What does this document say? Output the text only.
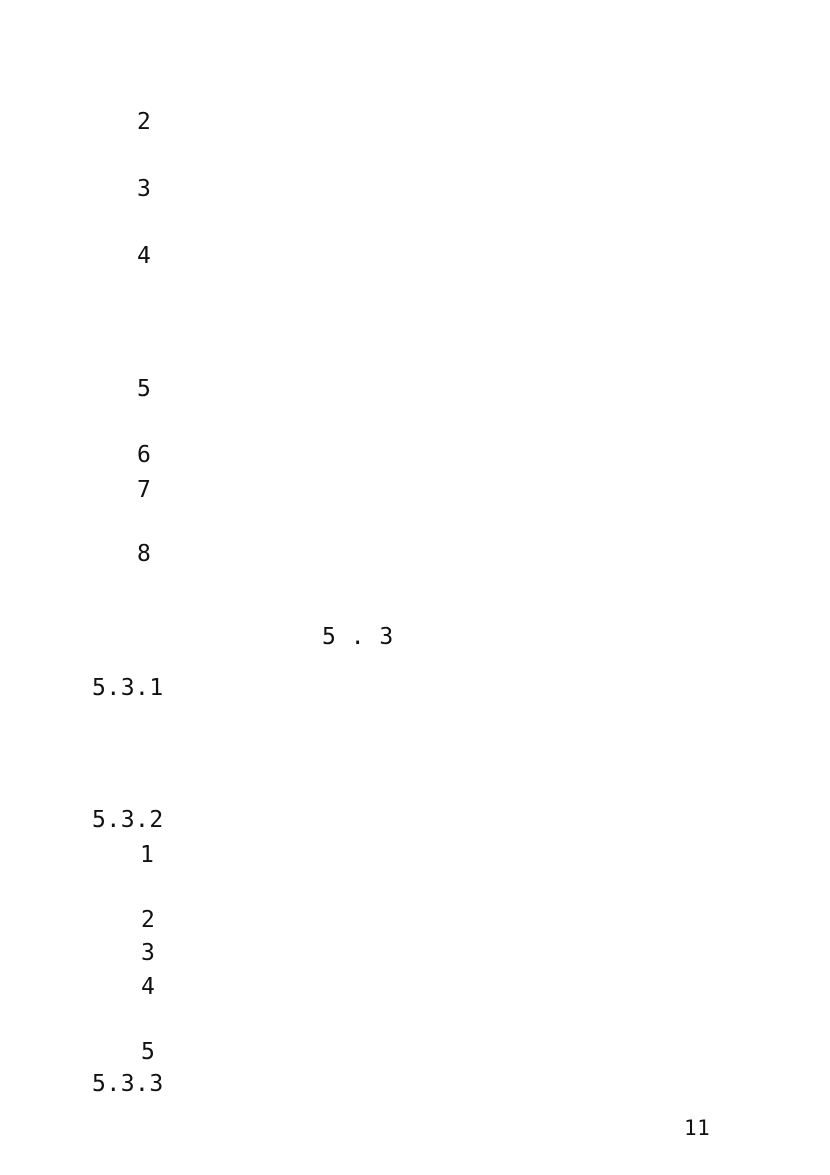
2
3
4
5
6
7
8
5 . 3
5.3.1
5.3.2
1
2
3
4
5
5.3.3
11
